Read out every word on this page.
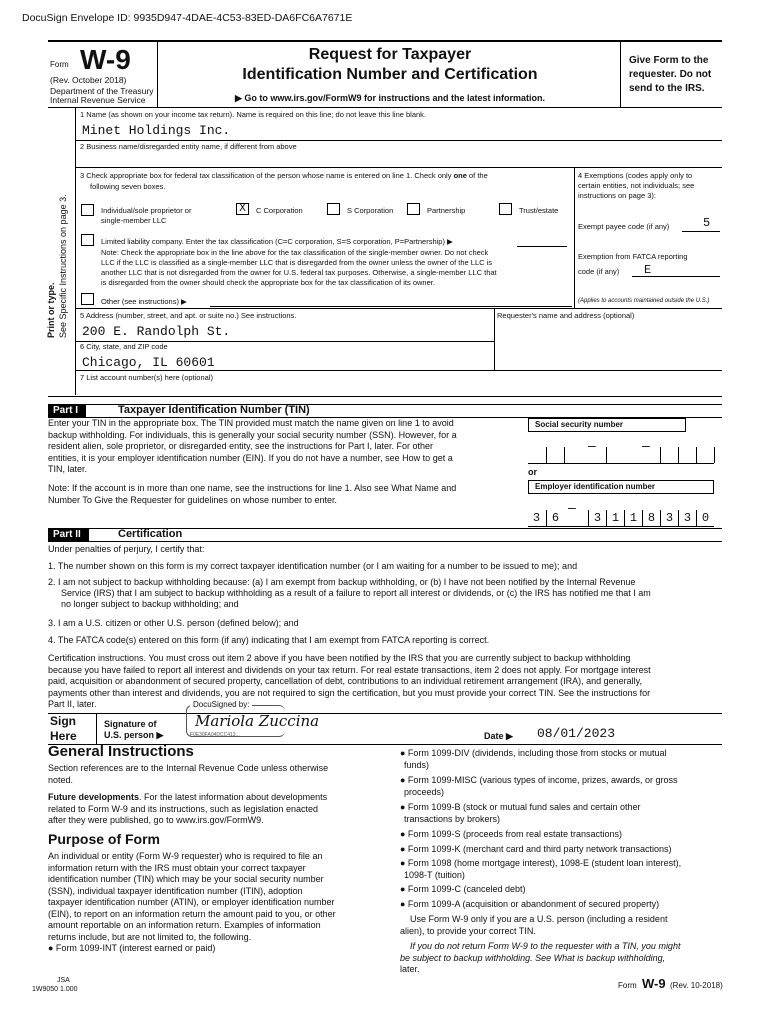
DocuSign Envelope ID: 9935D947-4DAE-4C53-83ED-DA6FC6A7671E
Form W-9
(Rev. October 2018)
Department of the Treasury
Internal Revenue Service
Request for Taxpayer
Identification Number and Certification
▶ Go to www.irs.gov/FormW9 for instructions and the latest information.
Give Form to the requester. Do not send to the IRS.
Print or type. See Specific Instructions on page 3.
1 Name (as shown on your income tax return). Name is required on this line; do not leave this line blank.
Minet Holdings Inc.
2 Business name/disregarded entity name, if different from above
3 Check appropriate box for federal tax classification of the person whose name is entered on line 1. Check only one of the
following seven boxes.
Individual/sole proprietor or
single-member LLC
X	C Corporation	S Corporation	Partnership	Trust/estate
Limited liability company. Enter the tax classification (C=C corporation, S=S corporation, P=Partnership) ▶
Note: Check the appropriate box in the line above for the tax classification of the single-member owner. Do not check
LLC if the LLC is classified as a single-member LLC that is disregarded from the owner unless the owner of the LLC is
another LLC that is not disregarded from the owner for U.S. federal tax purposes. Otherwise, a single-member LLC that
is disregarded from the owner should check the appropriate box for the tax classification of its owner.
Other (see instructions) ▶
4 Exemptions (codes apply only to
certain entities, not individuals; see
instructions on page 3):
Exempt payee code (if any)	5
Exemption from FATCA reporting
code (if any) E
(Applies to accounts maintained outside the U.S.)
5 Address (number, street, and apt. or suite no.) See instructions.
200 E. Randolph St.
Requester's name and address (optional)
6 City, state, and ZIP code
Chicago, IL 60601
7 List account number(s) here (optional)
Part I	Taxpayer Identification Number (TIN)
Enter your TIN in the appropriate box. The TIN provided must match the name given on line 1 to avoid
backup withholding. For individuals, this is generally your social security number (SSN). However, for a
resident alien, sole proprietor, or disregarded entity, see the instructions for Part I, later. For other
entities, it is your employer identification number (EIN). If you do not have a number, see How to get a
TIN, later.
Note: If the account is in more than one name, see the instructions for line 1. Also see What Name and
Number To Give the Requester for guidelines on whose number to enter.
Social security number
–	–
or
Employer identification number
–
3 6	3 1 1 8 3 3 0
Part II	Certification
Under penalties of perjury, I certify that:
1. The number shown on this form is my correct taxpayer identification number (or I am waiting for a number to be issued to me); and
2. I am not subject to backup withholding because: (a) I am exempt from backup withholding, or (b) I have not been notified by the Internal Revenue
Service (IRS) that I am subject to backup withholding as a result of a failure to report all interest or dividends, or (c) the IRS has notified me that I am
no longer subject to backup withholding; and
3. I am a U.S. citizen or other U.S. person (defined below); and
4. The FATCA code(s) entered on this form (if any) indicating that I am exempt from FATCA reporting is correct.
Certification instructions. You must cross out item 2 above if you have been notified by the IRS that you are currently subject to backup withholding
because you have failed to report all interest and dividends on your tax return. For real estate transactions, item 2 does not apply. For mortgage interest
paid, acquisition or abandonment of secured property, cancellation of debt, contributions to an individual retirement arrangement (IRA), and generally,
payments other than interest and dividends, you are not required to sign the certification, but you must provide your correct TIN. See the instructions for
Part II, later.
Sign
Here
Signature of
U.S. person ▶
DocuSigned by:
Mariola Zuccina
F0E30FA04DCC413...	Date ▶ 08/01/2023
General Instructions
Section references are to the Internal Revenue Code unless otherwise
noted.
Future developments. For the latest information about developments
related to Form W-9 and its instructions, such as legislation enacted
after they were published, go to www.irs.gov/FormW9.
Purpose of Form
An individual or entity (Form W-9 requester) who is required to file an
information return with the IRS must obtain your correct taxpayer
identification number (TIN) which may be your social security number
(SSN), individual taxpayer identification number (ITIN), adoption
taxpayer identification number (ATIN), or employer identification number
(EIN), to report on an information return the amount paid to you, or other
amount reportable on an information return. Examples of information
returns include, but are not limited to, the following.
● Form 1099-INT (interest earned or paid)
● Form 1099-DIV (dividends, including those from stocks or mutual
funds)
● Form 1099-MISC (various types of income, prizes, awards, or gross
proceeds)
● Form 1099-B (stock or mutual fund sales and certain other
transactions by brokers)
● Form 1099-S (proceeds from real estate transactions)
● Form 1099-K (merchant card and third party network transactions)
● Form 1098 (home mortgage interest), 1098-E (student loan interest),
1098-T (tuition)
● Form 1099-C (canceled debt)
● Form 1099-A (acquisition or abandonment of secured property)
Use Form W-9 only if you are a U.S. person (including a resident
alien), to provide your correct TIN.
If you do not return Form W-9 to the requester with a TIN, you might
be subject to backup withholding. See What is backup withholding,
later.
JSA
1W9050 1.000	Form W-9 (Rev. 10-2018)
